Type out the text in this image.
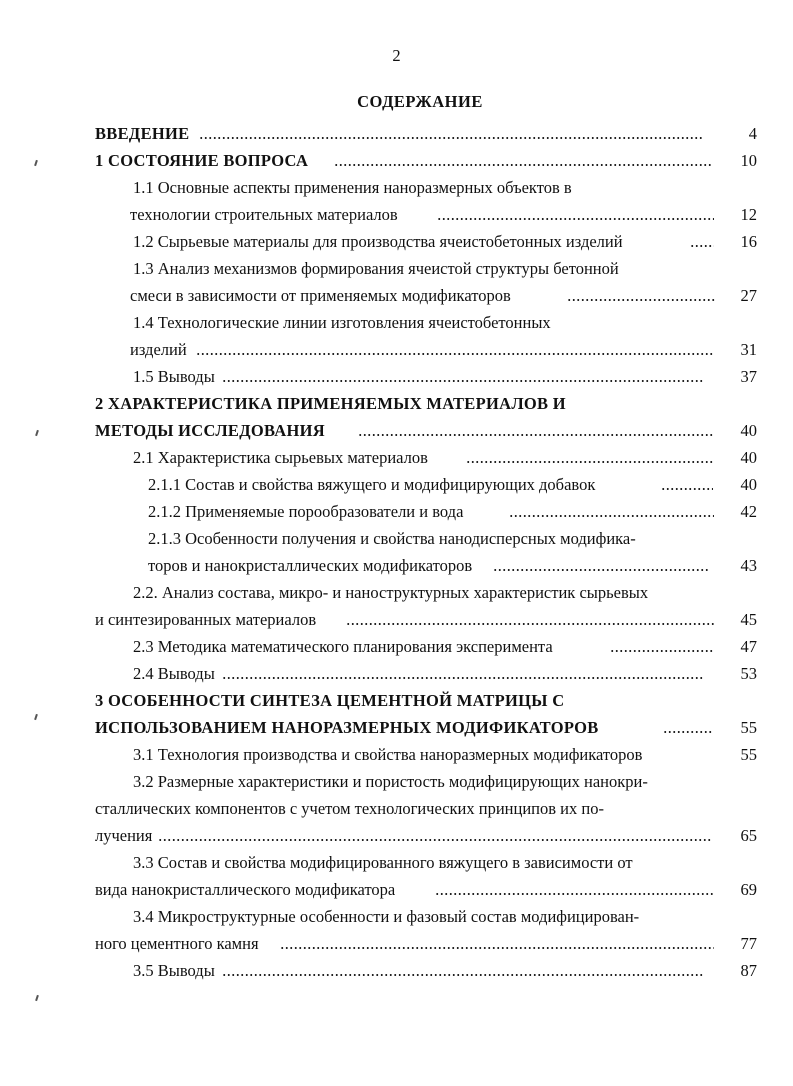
2
СОДЕРЖАНИЕ
ВВЕДЕНИЕ	4
1 СОСТОЯНИЕ ВОПРОСА	10
1.1 Основные аспекты применения наноразмерных объектов в
технологии строительных материалов	12
1.2 Сырьевые материалы для производства ячеистобетонных изделий	16
1.3 Анализ механизмов формирования ячеистой структуры бетонной
смеси в зависимости от применяемых модификаторов	27
1.4 Технологические линии изготовления ячеистобетонных
изделий	31
1.5 Выводы	37
2 ХАРАКТЕРИСТИКА ПРИМЕНЯЕМЫХ МАТЕРИАЛОВ И
МЕТОДЫ ИССЛЕДОВАНИЯ	40
2.1 Характеристика сырьевых материалов	40
2.1.1 Состав и свойства вяжущего и модифицирующих добавок	40
2.1.2 Применяемые порообразователи и вода	42
2.1.3 Особенности получения и свойства нанодисперсных модифика-
торов и нанокристаллических модификаторов	43
2.2. Анализ состава, микро- и наноструктурных характеристик сырьевых
и синтезированных материалов	45
2.3 Методика математического планирования эксперимента	47
2.4 Выводы	53
3 ОСОБЕННОСТИ СИНТЕЗА ЦЕМЕНТНОЙ МАТРИЦЫ С
ИСПОЛЬЗОВАНИЕМ НАНОРАЗМЕРНЫХ МОДИФИКАТОРОВ	55
3.1 Технология производства и свойства наноразмерных модификаторов	55
3.2 Размерные характеристики и пористость модифицирующих нанокри-
сталлических компонентов с учетом технологических принципов их по-
лучения	65
3.3 Состав и свойства модифицированного вяжущего в зависимости от
вида нанокристаллического модификатора	69
3.4 Микроструктурные особенности и фазовый состав модифицирован-
ного цементного камня	77
3.5 Выводы	87
